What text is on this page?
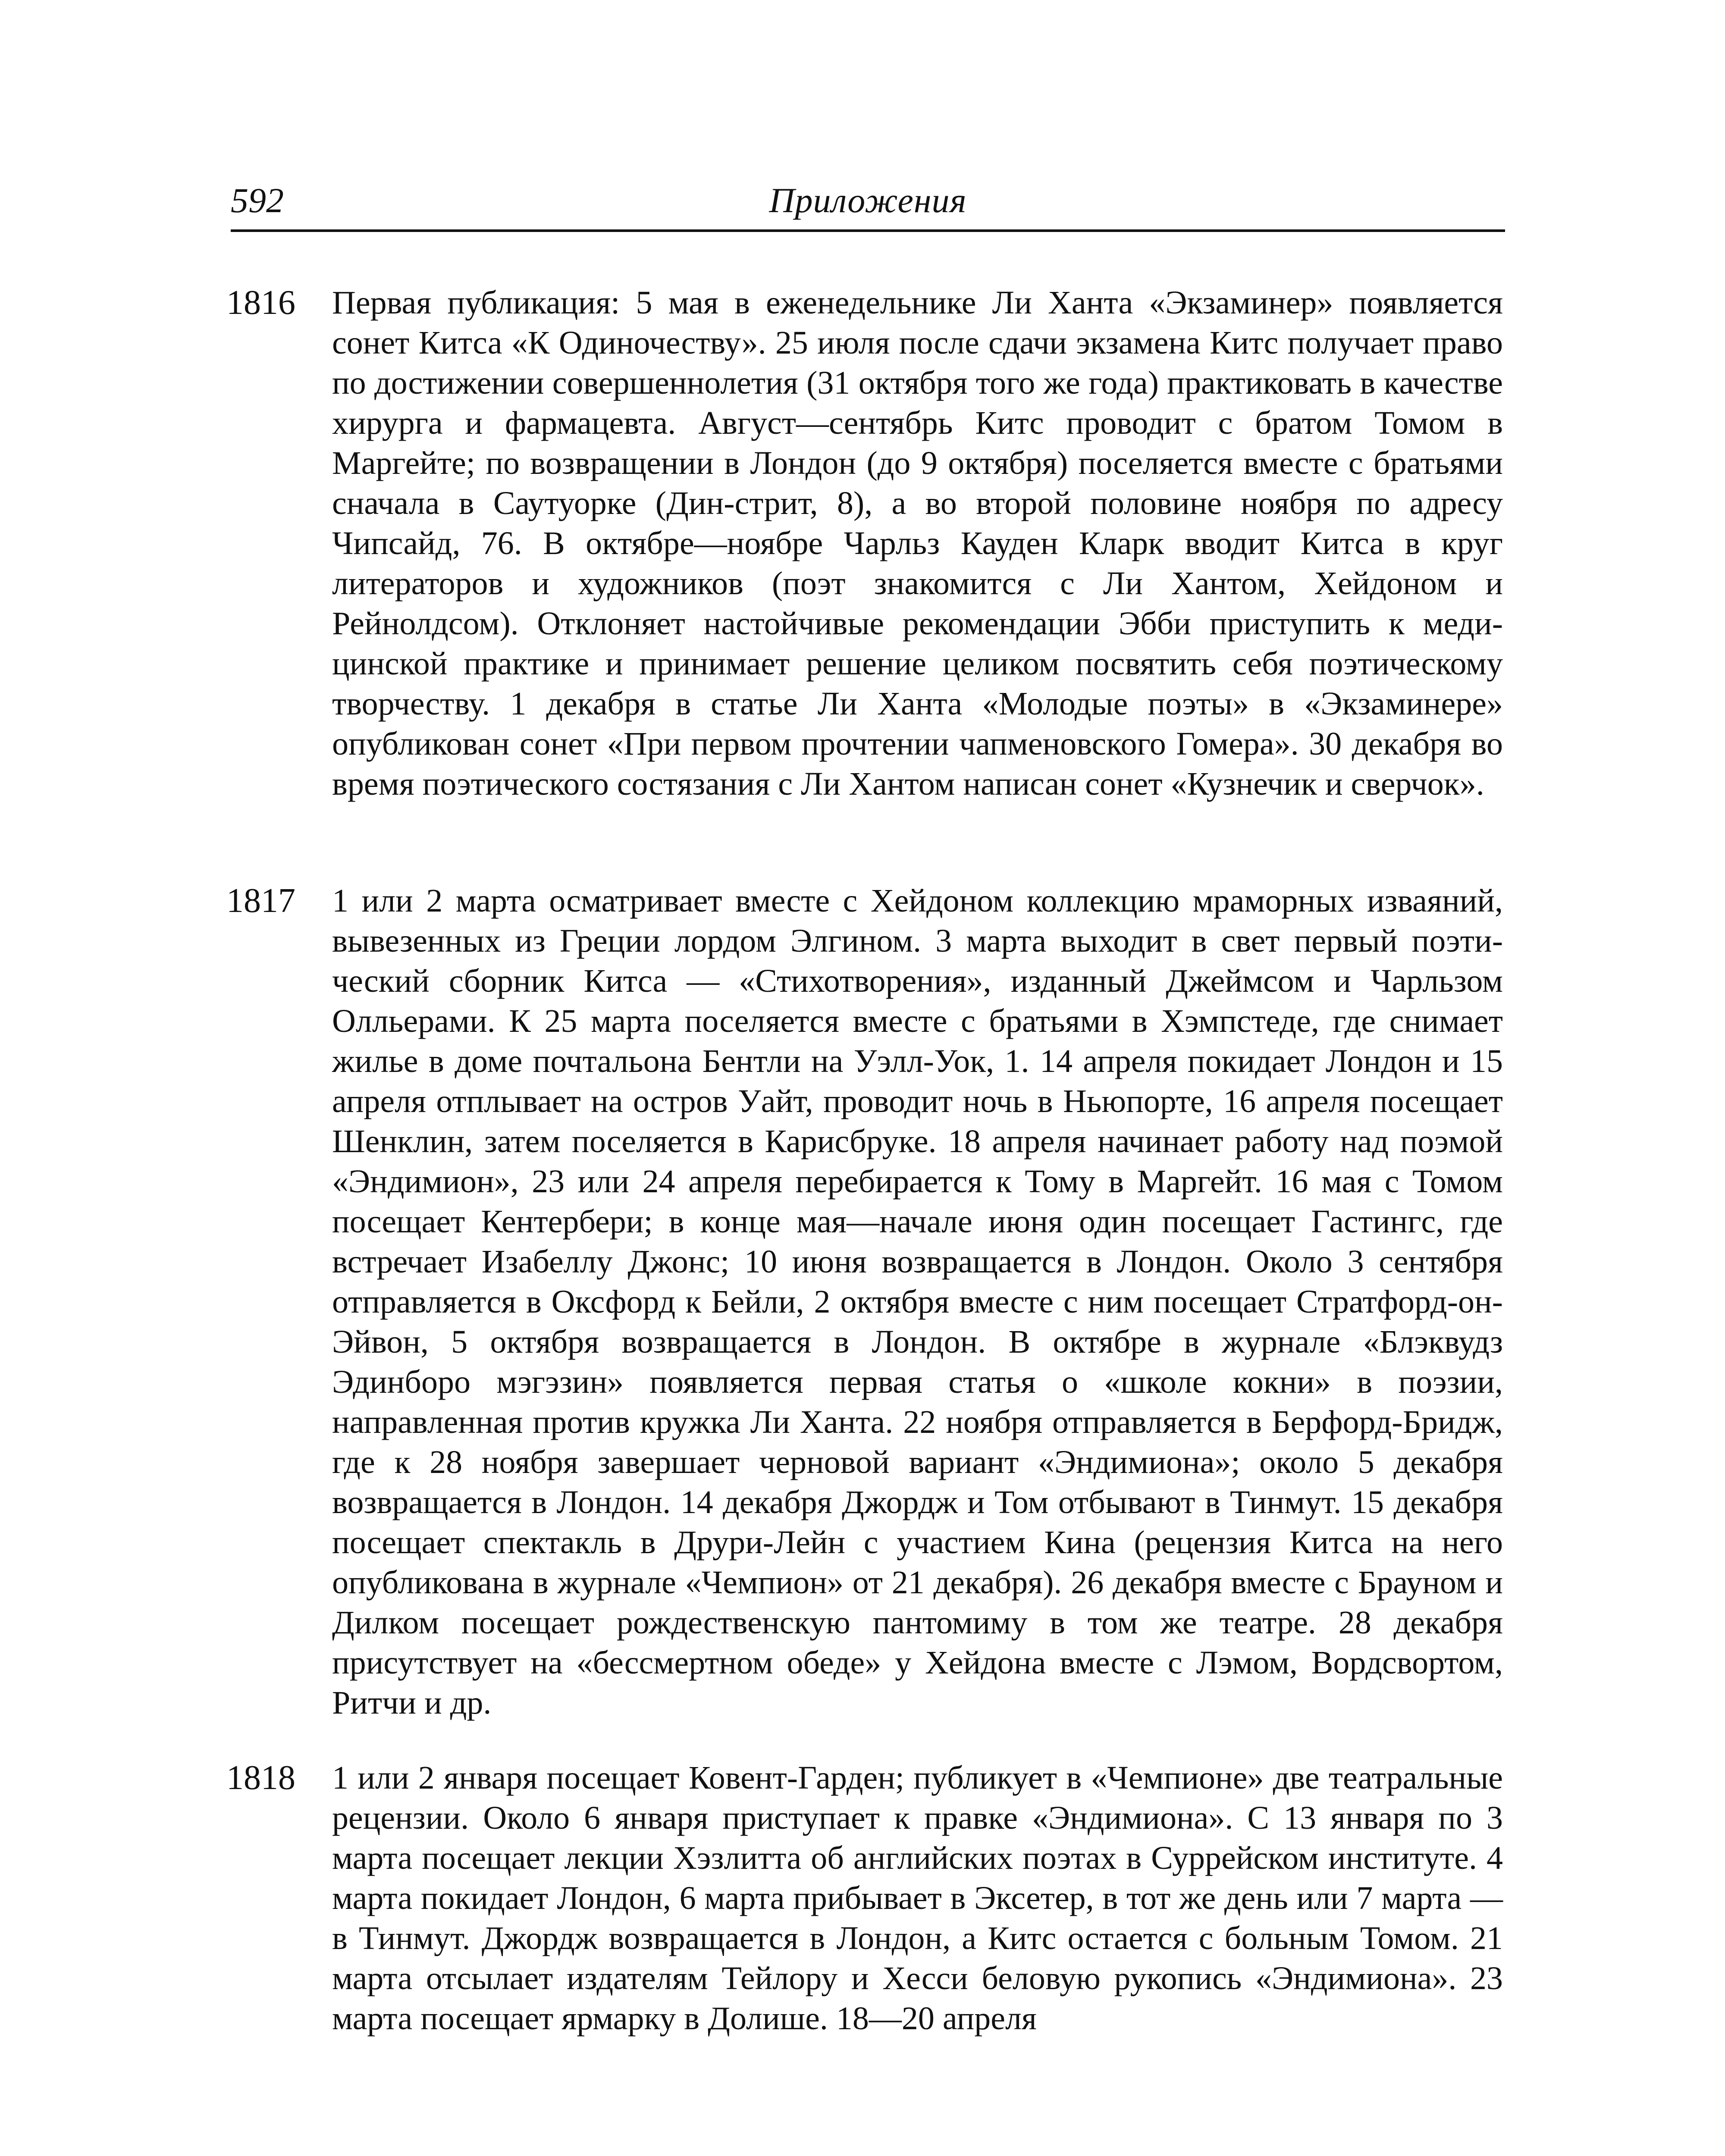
592	Приложения
1816 Первая публикация: 5 мая в еженедельнике Ли Ханта «Экзаминер» появляется сонет Китса «К Одиночеству». 25 июля после сдачи экзамена Китс получает право по достижении совершеннолетия (31 октября того же года) практиковать в качестве хирурга и фармацевта. Август—сентябрь Китс проводит с братом Томом в Маргейте; по возвращении в Лондон (до 9 октября) поселяется вместе с братьями сначала в Саутуорке (Дин-стрит, 8), а во второй половине ноября по адресу Чипсайд, 76. В октябре—ноябре Чарльз Кауден Кларк вводит Китса в круг литераторов и художников (поэт знакомится с Ли Хантом, Хейдоном и Рейнолдсом). Отклоняет настойчивые рекомендации Эбби приступить к медицинской практике и принимает решение целиком посвятить себя поэтическому творчеству. 1 декабря в статье Ли Ханта «Молодые поэты» в «Экзаминере» опубликован сонет «При первом прочтении чапменовского Гомера». 30 декабря во время поэтического состязания с Ли Хантом написан сонет «Кузнечик и сверчок».
1817 1 или 2 марта осматривает вместе с Хейдоном коллекцию мраморных изваяний, вывезенных из Греции лордом Элгином. 3 марта выходит в свет первый поэтический сборник Китса — «Стихотворения», изданный Джеймсом и Чарльзом Олльерами. К 25 марта поселяется вместе с братьями в Хэмпстеде, где снимает жилье в доме почтальона Бентли на Уэлл-Уок, 1. 14 апреля покидает Лондон и 15 апреля отплывает на остров Уайт, проводит ночь в Ньюпорте, 16 апреля посещает Шенклин, затем поселяется в Карисбруке. 18 апреля начинает работу над поэмой «Эндимион», 23 или 24 апреля перебирается к Тому в Маргейт. 16 мая с Томом посещает Кентербери; в конце мая—начале июня один посещает Гастингс, где встречает Изабеллу Джонс; 10 июня возвращается в Лондон. Около 3 сентября отправляется в Оксфорд к Бейли, 2 октября вместе с ним посещает Стратфорд-он-Эйвон, 5 октября возвращается в Лондон. В октябре в журнале «Блэквудз Эдинборо мэгэзин» появляется первая статья о «школе кокни» в поэзии, направленная против кружка Ли Ханта. 22 ноября отправляется в Берфорд-Бридж, где к 28 ноября завершает черновой вариант «Эндимиона»; около 5 декабря возвращается в Лондон. 14 декабря Джордж и Том отбывают в Тинмут. 15 декабря посещает спектакль в Друри-Лейн с участием Кина (рецензия Китса на него опубликована в журнале «Чемпион» от 21 декабря). 26 декабря вместе с Брауном и Дилком посещает рождественскую пантомиму в том же театре. 28 декабря присутствует на «бессмертном обеде» у Хейдона вместе с Лэмом, Вордсвортом, Ритчи и др.
1818 1 или 2 января посещает Ковент-Гарден; публикует в «Чемпионе» две театральные рецензии. Около 6 января приступает к правке «Эндимиона». С 13 января по 3 марта посещает лекции Хэзлитта об английских поэтах в Суррейском институте. 4 марта покидает Лондон, 6 марта прибывает в Эксетер, в тот же день или 7 марта — в Тинмут. Джордж возвращается в Лондон, а Китс остается с больным Томом. 21 марта отсылает издателям Тейлору и Хесси беловую рукопись «Эндимиона». 23 марта посещает ярмарку в Долише. 18—20 апреля
